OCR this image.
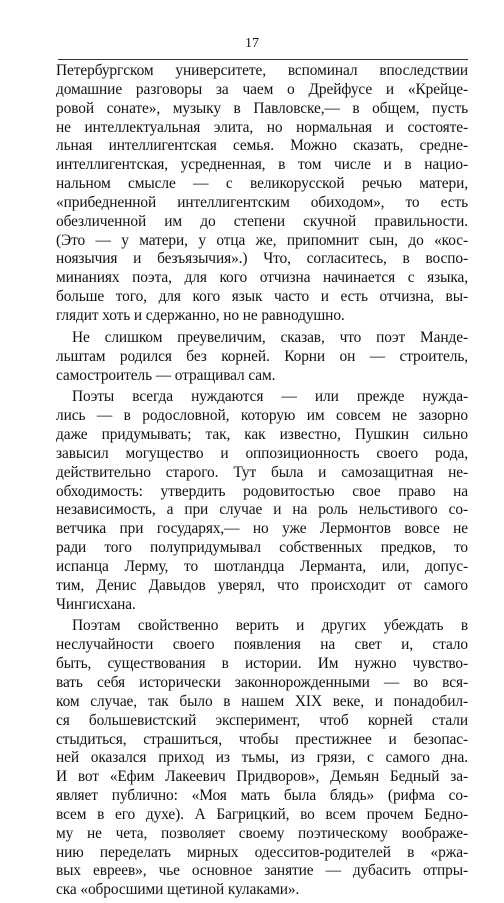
17
Петербургском университете, вспоминал впоследствии
домашние разговоры за чаем о Дрейфусе и «Крейце-
ровой сонате», музыку в Павловске,— в общем, пусть
не интеллектуальная элита, но нормальная и состояте-
льная интеллигентская семья. Можно сказать, средне-
интеллигентская, усредненная, в том числе и в нацио-
нальном смысле — с великорусской речью матери,
«прибедненной интеллигентским обиходом», то есть
обезличенной им до степени скучной правильности.
(Это — у матери, у отца же, припомнит сын, до «кос-
ноязычия и безъязычия».) Что, согласитесь, в воспо-
минаниях поэта, для кого отчизна начинается с языка,
больше того, для кого язык часто и есть отчизна, вы-
глядит хоть и сдержанно, но не равнодушно.
Не слишком преувеличим, сказав, что поэт Манде-
льштам родился без корней. Корни он — строитель,
самостроитель — отращивал сам.
Поэты всегда нуждаются — или прежде нуждa-
лись — в родословной, которую им совсем не зазорно
даже придумывать; так, как известно, Пушкин сильно
завысил могущество и оппозиционность своего рода,
действительно старого. Тут была и самозащитная не-
обходимость: утвердить родовитостью свое право на
независимость, а при случае и на роль нельстивого со-
ветчика при государях,— но уже Лермонтов вовсе не
ради того полупридумывал собственных предков, то
испанца Лерму, то шотландца Лерманта, или, допус-
тим, Денис Давыдов уверял, что происходит от самого
Чингисхана.
Поэтам свойственно верить и других убеждать в
неслучайности своего появления на свет и, стало
быть, существования в истории. Им нужно чувство-
вать себя исторически законнорожденными — во вся-
ком случае, так было в нашем XIX веке, и понадобил-
ся большевистский эксперимент, чтоб корней стали
стыдиться, страшиться, чтобы престижнее и безопас-
ней оказался приход из тьмы, из грязи, с самого дна.
И вот «Ефим Лакеевич Придворов», Демьян Бедный за-
являет публично: «Моя мать была блядь» (рифма со-
всем в его духе). А Багрицкий, во всем прочем Бедно-
му не чета, позволяет своему поэтическому воображе-
нию переделать мирных одесситов-родителей в «ржа-
вых евреев», чье основное занятие — дубасить отпры-
ска «обросшими щетиной кулаками».
